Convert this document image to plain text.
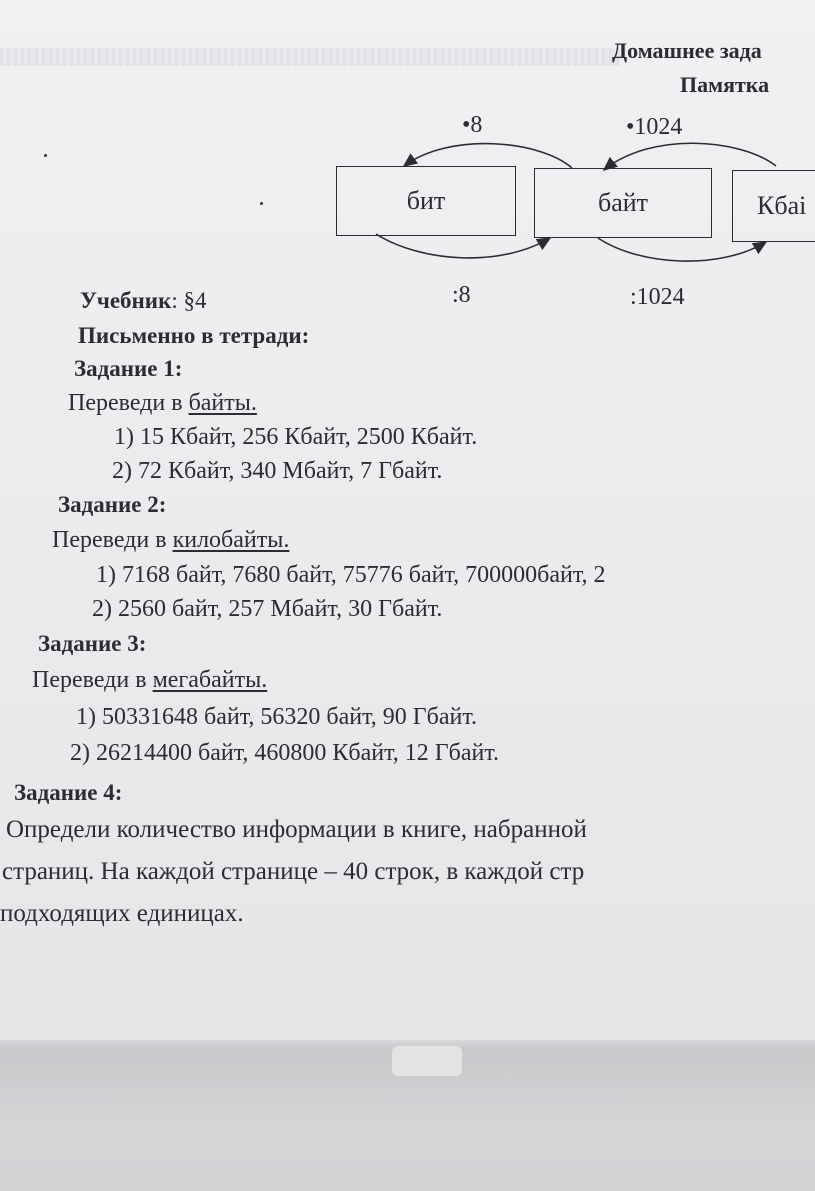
Домашнее зада
Памятка
бит	байт	Кбаі
•8	•1024
:8	:1024
Учебник: §4
Письменно в тетради:
Задание 1:
Переведи в байты.
1) 15 Кбайт, 256 Кбайт, 2500 Кбайт.
2) 72 Кбайт, 340 Мбайт, 7 Гбайт.
Задание 2:
Переведи в килобайты.
1) 7168 байт, 7680 байт, 75776 байт, 700000байт, 2
2) 2560 байт, 257 Мбайт, 30 Гбайт.
Задание 3:
Переведи в мегабайты.
1) 50331648 байт, 56320 байт, 90 Гбайт.
2) 26214400 байт, 460800 Кбайт, 12 Гбайт.
Задание 4:
Определи количество информации в книге, набранной
страниц. На каждой странице – 40 строк, в каждой стр
подходящих единицах.
